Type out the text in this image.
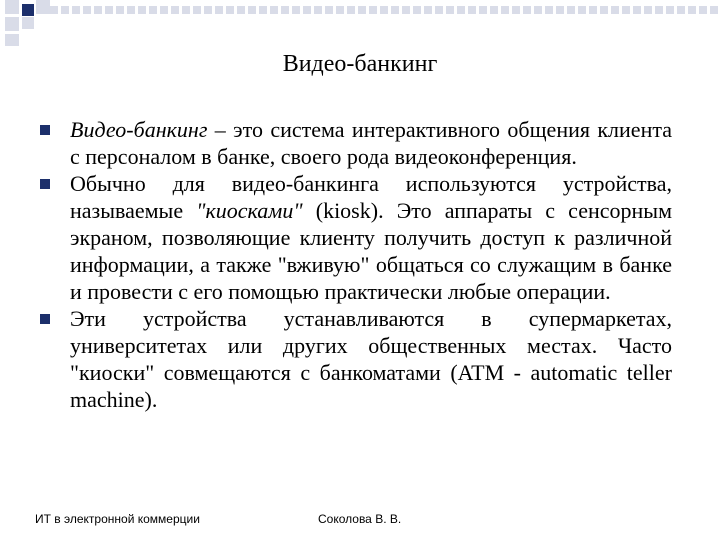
Видео-банкинг
Видео-банкинг – это система интерактивного общения клиента с персоналом в банке, своего рода видеоконференция.
Обычно для видео-банкинга используются устройства, называемые "киосками" (kiosk). Это аппараты с сенсорным экраном, позволяющие клиенту получить доступ к различной информации, а также "вживую" общаться со служащим в банке и провести с его помощью практически любые операции.
Эти устройства устанавливаются в супермаркетах, университетах или других общественных местах. Часто "киоски" совмещаются с банкоматами (ATM - automatic teller machine).
ИТ в электронной коммерции	Соколова В. В.
